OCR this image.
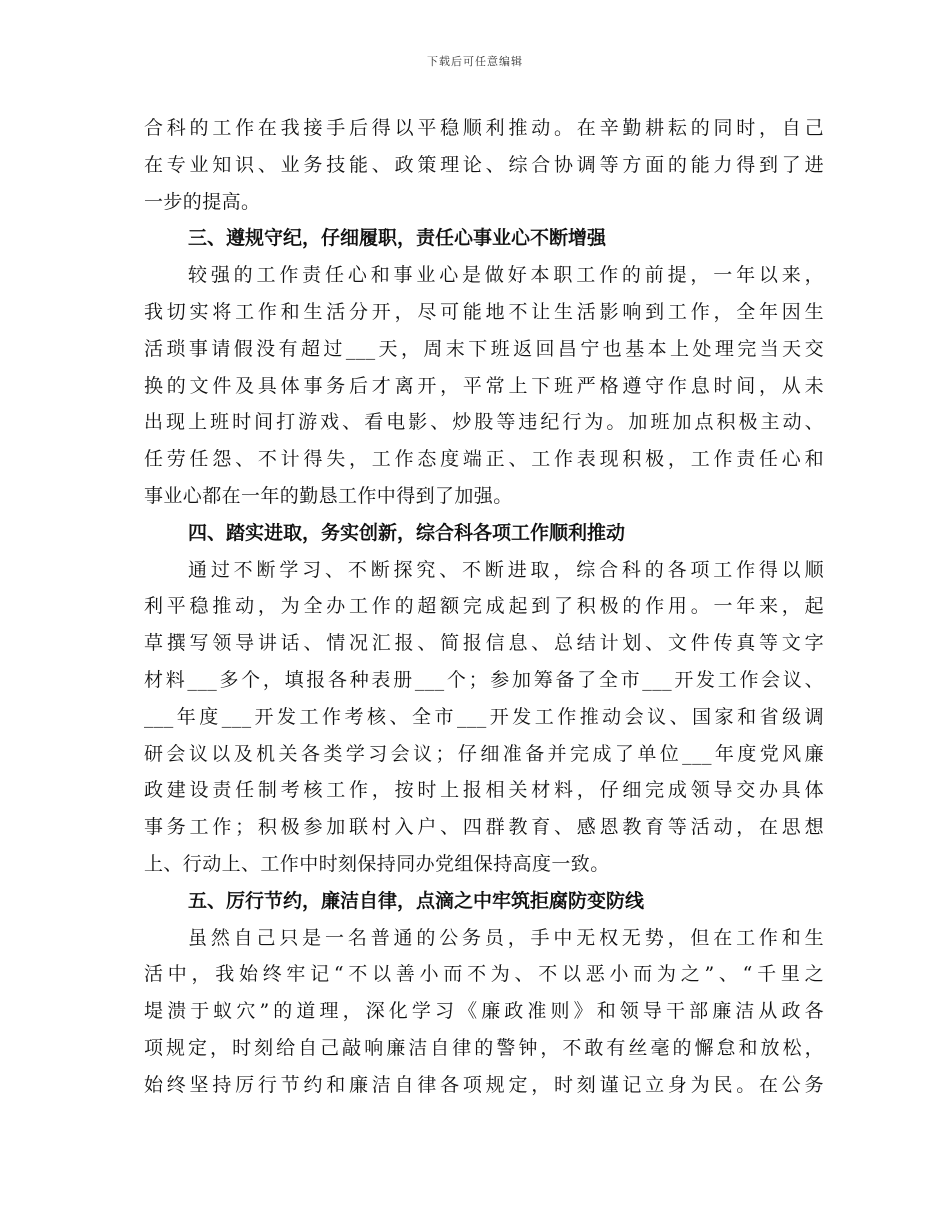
下载后可任意编辑
合科的工作在我接手后得以平稳顺利推动。在辛勤耕耘的同时，自己
在专业知识、业务技能、政策理论、综合协调等方面的能力得到了进
一步的提高。
三、遵规守纪，仔细履职，责任心事业心不断增强
较强的工作责任心和事业心是做好本职工作的前提，一年以来，
我切实将工作和生活分开，尽可能地不让生活影响到工作，全年因生
活琐事请假没有超过___天，周末下班返回昌宁也基本上处理完当天交
换的文件及具体事务后才离开，平常上下班严格遵守作息时间，从未
出现上班时间打游戏、看电影、炒股等违纪行为。加班加点积极主动、
任劳任怨、不计得失，工作态度端正、工作表现积极，工作责任心和
事业心都在一年的勤恳工作中得到了加强。
四、踏实进取，务实创新，综合科各项工作顺利推动
通过不断学习、不断探究、不断进取，综合科的各项工作得以顺
利平稳推动，为全办工作的超额完成起到了积极的作用。一年来，起
草撰写领导讲话、情况汇报、简报信息、总结计划、文件传真等文字
材料___多个，填报各种表册___个；参加筹备了全市___开发工作会议、
___年度___开发工作考核、全市___开发工作推动会议、国家和省级调
研会议以及机关各类学习会议；仔细准备并完成了单位___年度党风廉
政建设责任制考核工作，按时上报相关材料，仔细完成领导交办具体
事务工作；积极参加联村入户、四群教育、感恩教育等活动，在思想
上、行动上、工作中时刻保持同办党组保持高度一致。
五、厉行节约，廉洁自律，点滴之中牢筑拒腐防变防线
虽然自己只是一名普通的公务员，手中无权无势，但在工作和生
活中，我始终牢记“不以善小而不为、不以恶小而为之”、“千里之
堤溃于蚁穴”的道理，深化学习《廉政准则》和领导干部廉洁从政各
项规定，时刻给自己敲响廉洁自律的警钟，不敢有丝毫的懈怠和放松，
始终坚持厉行节约和廉洁自律各项规定，时刻谨记立身为民。在公务
